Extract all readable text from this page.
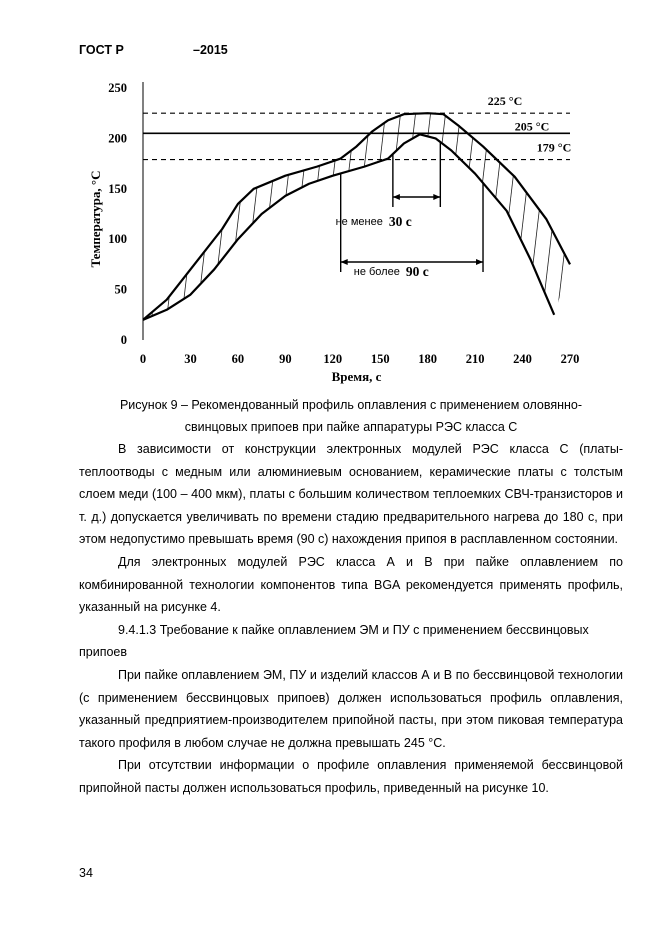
ГОСТ Р	–2015
225 °С
205 °С
179 °С
0
50
100
150
200
250
0	30	60	90	120 150 180 210 240 270
Время, с
Температура, °С	не менее 30 с
не более 90 с
Рисунок 9 – Рекомендованный профиль оплавления с применением оловянно-
свинцовых припоев при пайке аппаратуры РЭС класса С

В зависимости от конструкции электронных модулей РЭС класса С (платы-теплоотводы с медным или алюминиевым основанием, керамические платы с толстым слоем меди (100 – 400 мкм), платы с большим количеством теплоемких СВЧ-транзисторов и т. д.) допускается увеличивать по времени стадию предварительного нагрева до 180 с, при этом недопустимо превышать время (90 с) нахождения припоя в расплавленном состоянии.

Для электронных модулей РЭС класса А и В при пайке оплавлением по комбинированной технологии компонентов типа BGA рекомендуется применять профиль, указанный на рисунке 4.

9.4.1.3 Требование к пайке оплавлением ЭМ и ПУ с применением бессвинцовых припоев

При пайке оплавлением ЭМ, ПУ и изделий классов А и В по бессвинцовой технологии (с применением бессвинцовых припоев) должен использоваться профиль оплавления, указанный предприятием-производителем припойной пасты, при этом пиковая температура такого профиля в любом случае не должна превышать 245 °С.

При отсутствии информации о профиле оплавления применяемой бессвинцовой припойной пасты должен использоваться профиль, приведенный на рисунке 10.

34
